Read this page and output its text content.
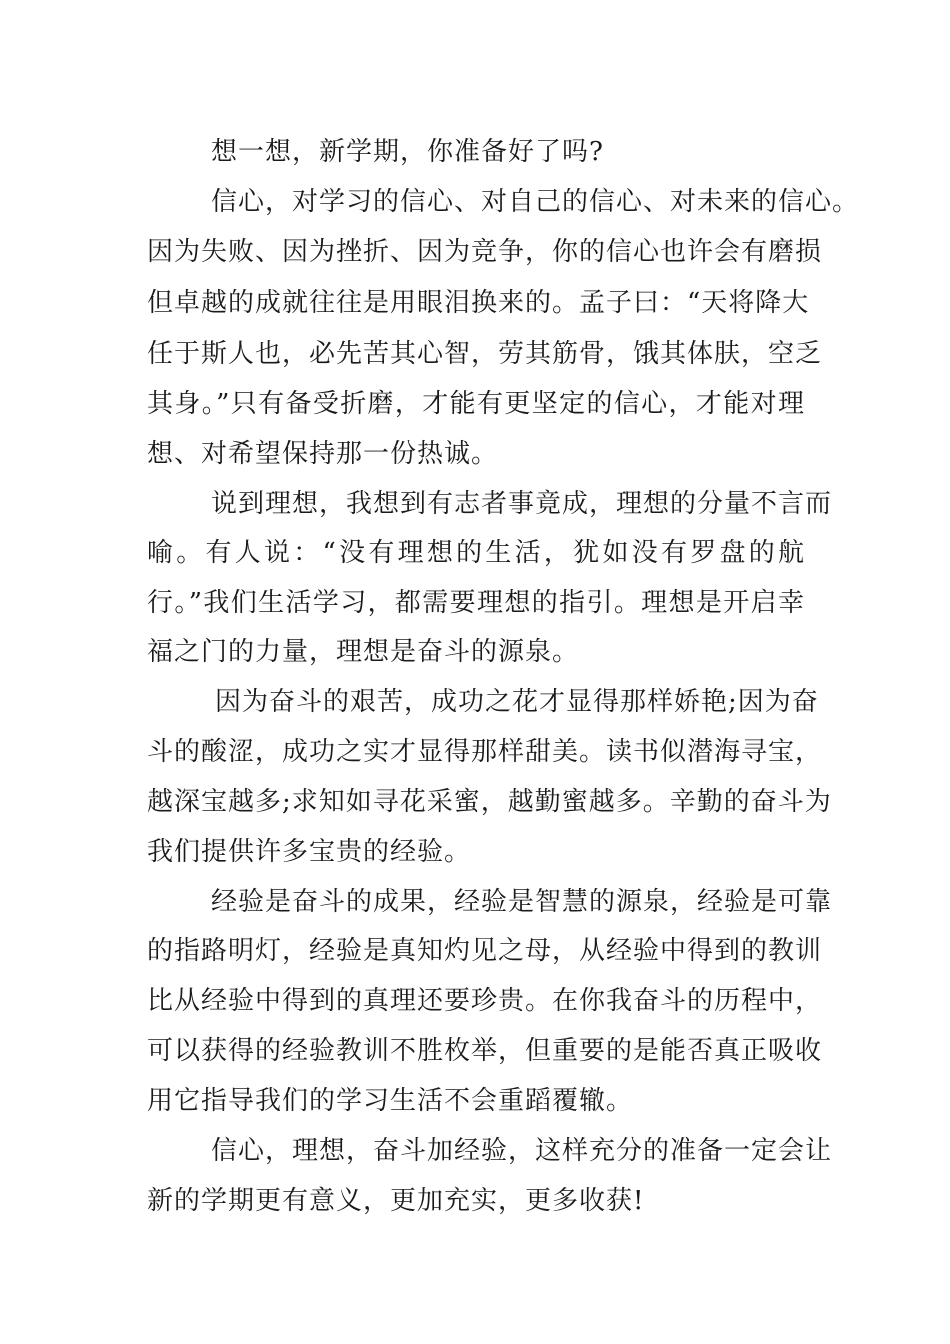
想一想，新学期，你准备好了吗?
信心，对学习的信心、对自己的信心、对未来的信心。
因为失败、因为挫折、因为竞争，你的信心也许会有磨损
但卓越的成就往往是用眼泪换来的。孟子曰：“天将降大
任于斯人也，必先苦其心智，劳其筋骨，饿其体肤，空乏
其身。”只有备受折磨，才能有更坚定的信心，才能对理
想、对希望保持那一份热诚。
说到理想，我想到有志者事竟成，理想的分量不言而
喻。有人说：“没有理想的生活，犹如没有罗盘的航
行。”我们生活学习，都需要理想的指引。理想是开启幸
福之门的力量，理想是奋斗的源泉。
因为奋斗的艰苦，成功之花才显得那样娇艳;因为奋
斗的酸涩，成功之实才显得那样甜美。读书似潜海寻宝，
越深宝越多;求知如寻花采蜜，越勤蜜越多。辛勤的奋斗为
我们提供许多宝贵的经验。
经验是奋斗的成果，经验是智慧的源泉，经验是可靠
的指路明灯，经验是真知灼见之母，从经验中得到的教训
比从经验中得到的真理还要珍贵。在你我奋斗的历程中，
可以获得的经验教训不胜枚举，但重要的是能否真正吸收
用它指导我们的学习生活不会重蹈覆辙。
信心，理想，奋斗加经验，这样充分的准备一定会让
新的学期更有意义，更加充实，更多收获!
